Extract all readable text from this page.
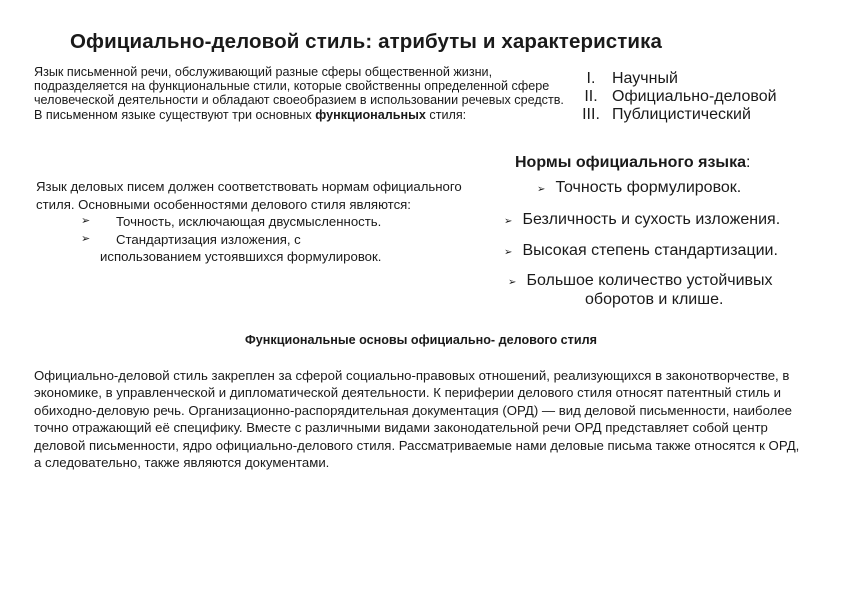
Официально-деловой стиль: атрибуты и характеристика
Язык письменной речи, обслуживающий разные сферы общественной жизни, подразделяется на функциональные стили, которые свойственны определенной сфере человеческой деятельности и обладают своеобразием в использовании речевых средств. В письменном языке существуют три основных функциональных стиля:
I.	Научный
II. Официально-деловой
III. Публицистический
Нормы официального языка:
➢ Точность формулировок.
➢ Безличность и сухость изложения.
➢ Высокая степень стандартизации.
➢ Большое количество устойчивых
оборотов и клише.
Язык деловых писем должен соответствовать нормам официального стиля. Основными особенностями делового стиля являются:
➢	Точность, исключающая двусмысленность.
➢	Стандартизация изложения, с
использованием устоявшихся формулировок.
Функциональные основы официально- делового стиля
Официально-деловой стиль закреплен за сферой социально-правовых отношений, реализующихся в законотворчестве, в экономике, в управленческой и дипломатической деятельности. К периферии делового стиля относят патентный стиль и обиходно-деловую речь. Организационно-распорядительная документация (ОРД) — вид деловой письменности, наиболее точно отражающий её специфику. Вместе с различными видами законодательной речи ОРД представляет собой центр деловой письменности, ядро официально-делового стиля. Рассматриваемые нами деловые письма также относятся к ОРД, а следовательно, также являются документами.
